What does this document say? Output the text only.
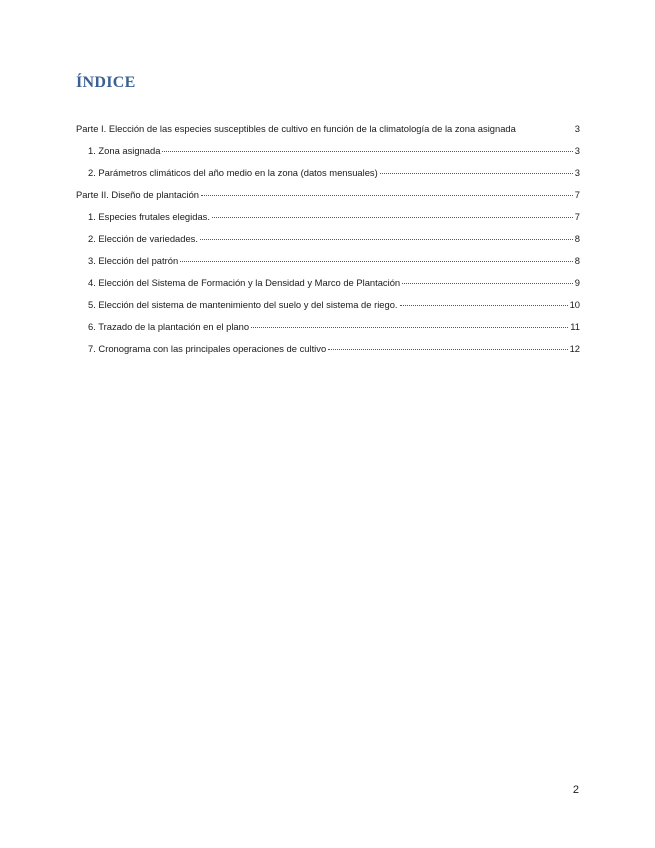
ÍNDICE
Parte I. Elección de las especies susceptibles de cultivo en función de la climatología de la zona asignada	3
1. Zona asignada	3
2. Parámetros climáticos del año medio en la zona (datos mensuales)	3
Parte II. Diseño de plantación	7
1. Especies frutales elegidas.	7
2. Elección de variedades.	8
3. Elección del patrón	8
4. Elección del Sistema de Formación y la Densidad y Marco de Plantación	9
5. Elección del sistema de mantenimiento del suelo y del sistema de riego.	10
6. Trazado de la plantación en el plano	11
7. Cronograma con las principales operaciones de cultivo	12
2
